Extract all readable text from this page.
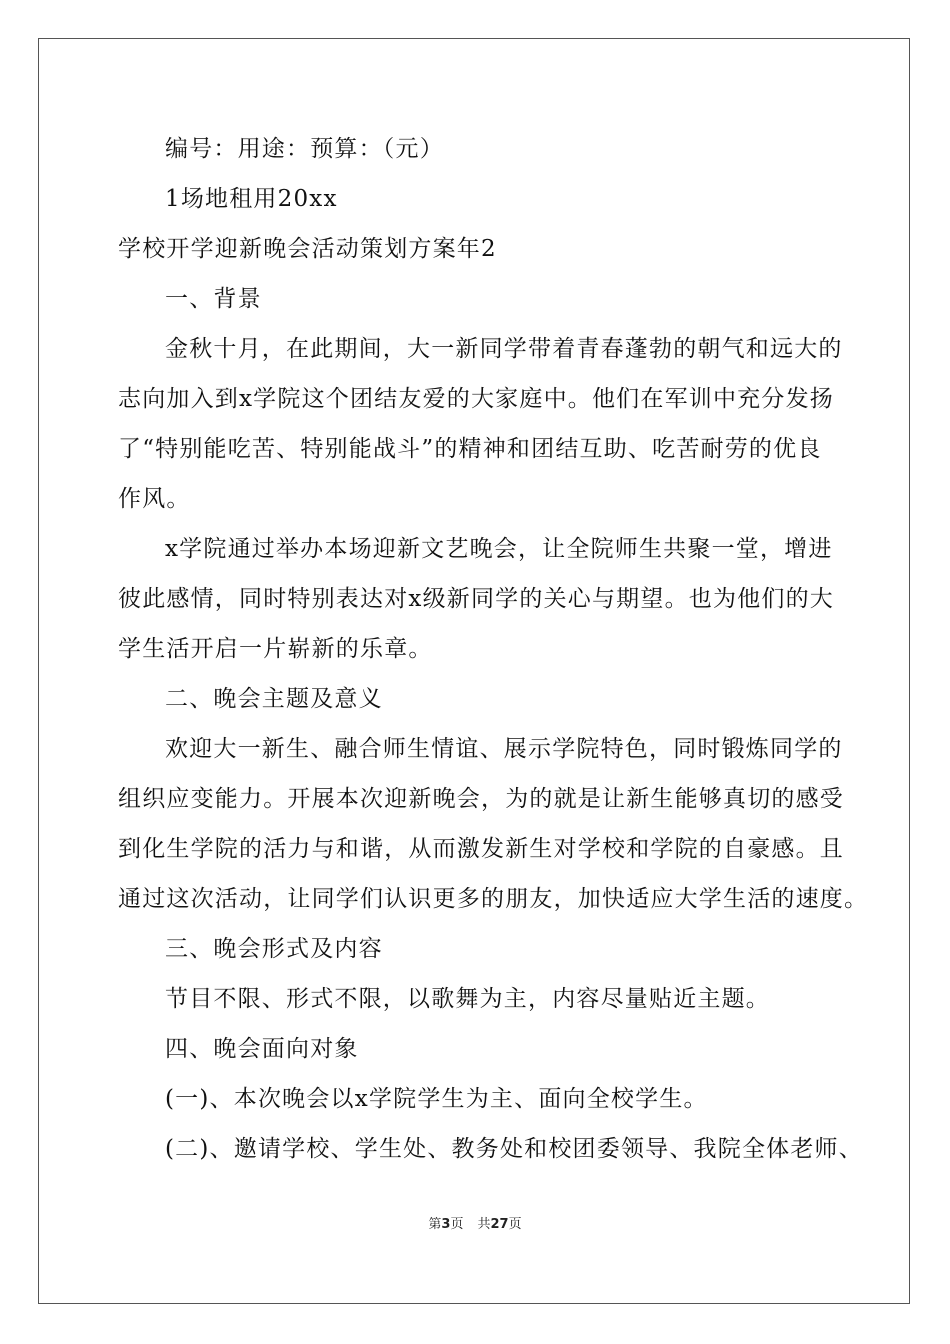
编号：用途：预算：（元）
1场地租用20xx
学校开学迎新晚会活动策划方案年2
一、背景
金秋十月，在此期间，大一新同学带着青春蓬勃的朝气和远大的
志向加入到x学院这个团结友爱的大家庭中。他们在军训中充分发扬
了“特别能吃苦、特别能战斗”的精神和团结互助、吃苦耐劳的优良
作风。
x学院通过举办本场迎新文艺晚会，让全院师生共聚一堂，增进
彼此感情，同时特别表达对x级新同学的关心与期望。也为他们的大
学生活开启一片崭新的乐章。
二、晚会主题及意义
欢迎大一新生、融合师生情谊、展示学院特色，同时锻炼同学的
组织应变能力。开展本次迎新晚会，为的就是让新生能够真切的感受
到化生学院的活力与和谐，从而激发新生对学校和学院的自豪感。且
通过这次活动，让同学们认识更多的朋友，加快适应大学生活的速度。
三、晚会形式及内容
节目不限、形式不限，以歌舞为主，内容尽量贴近主题。
四、晚会面向对象
(一)、本次晚会以x学院学生为主、面向全校学生。
(二)、邀请学校、学生处、教务处和校团委领导、我院全体老师、
第3页 共27页
